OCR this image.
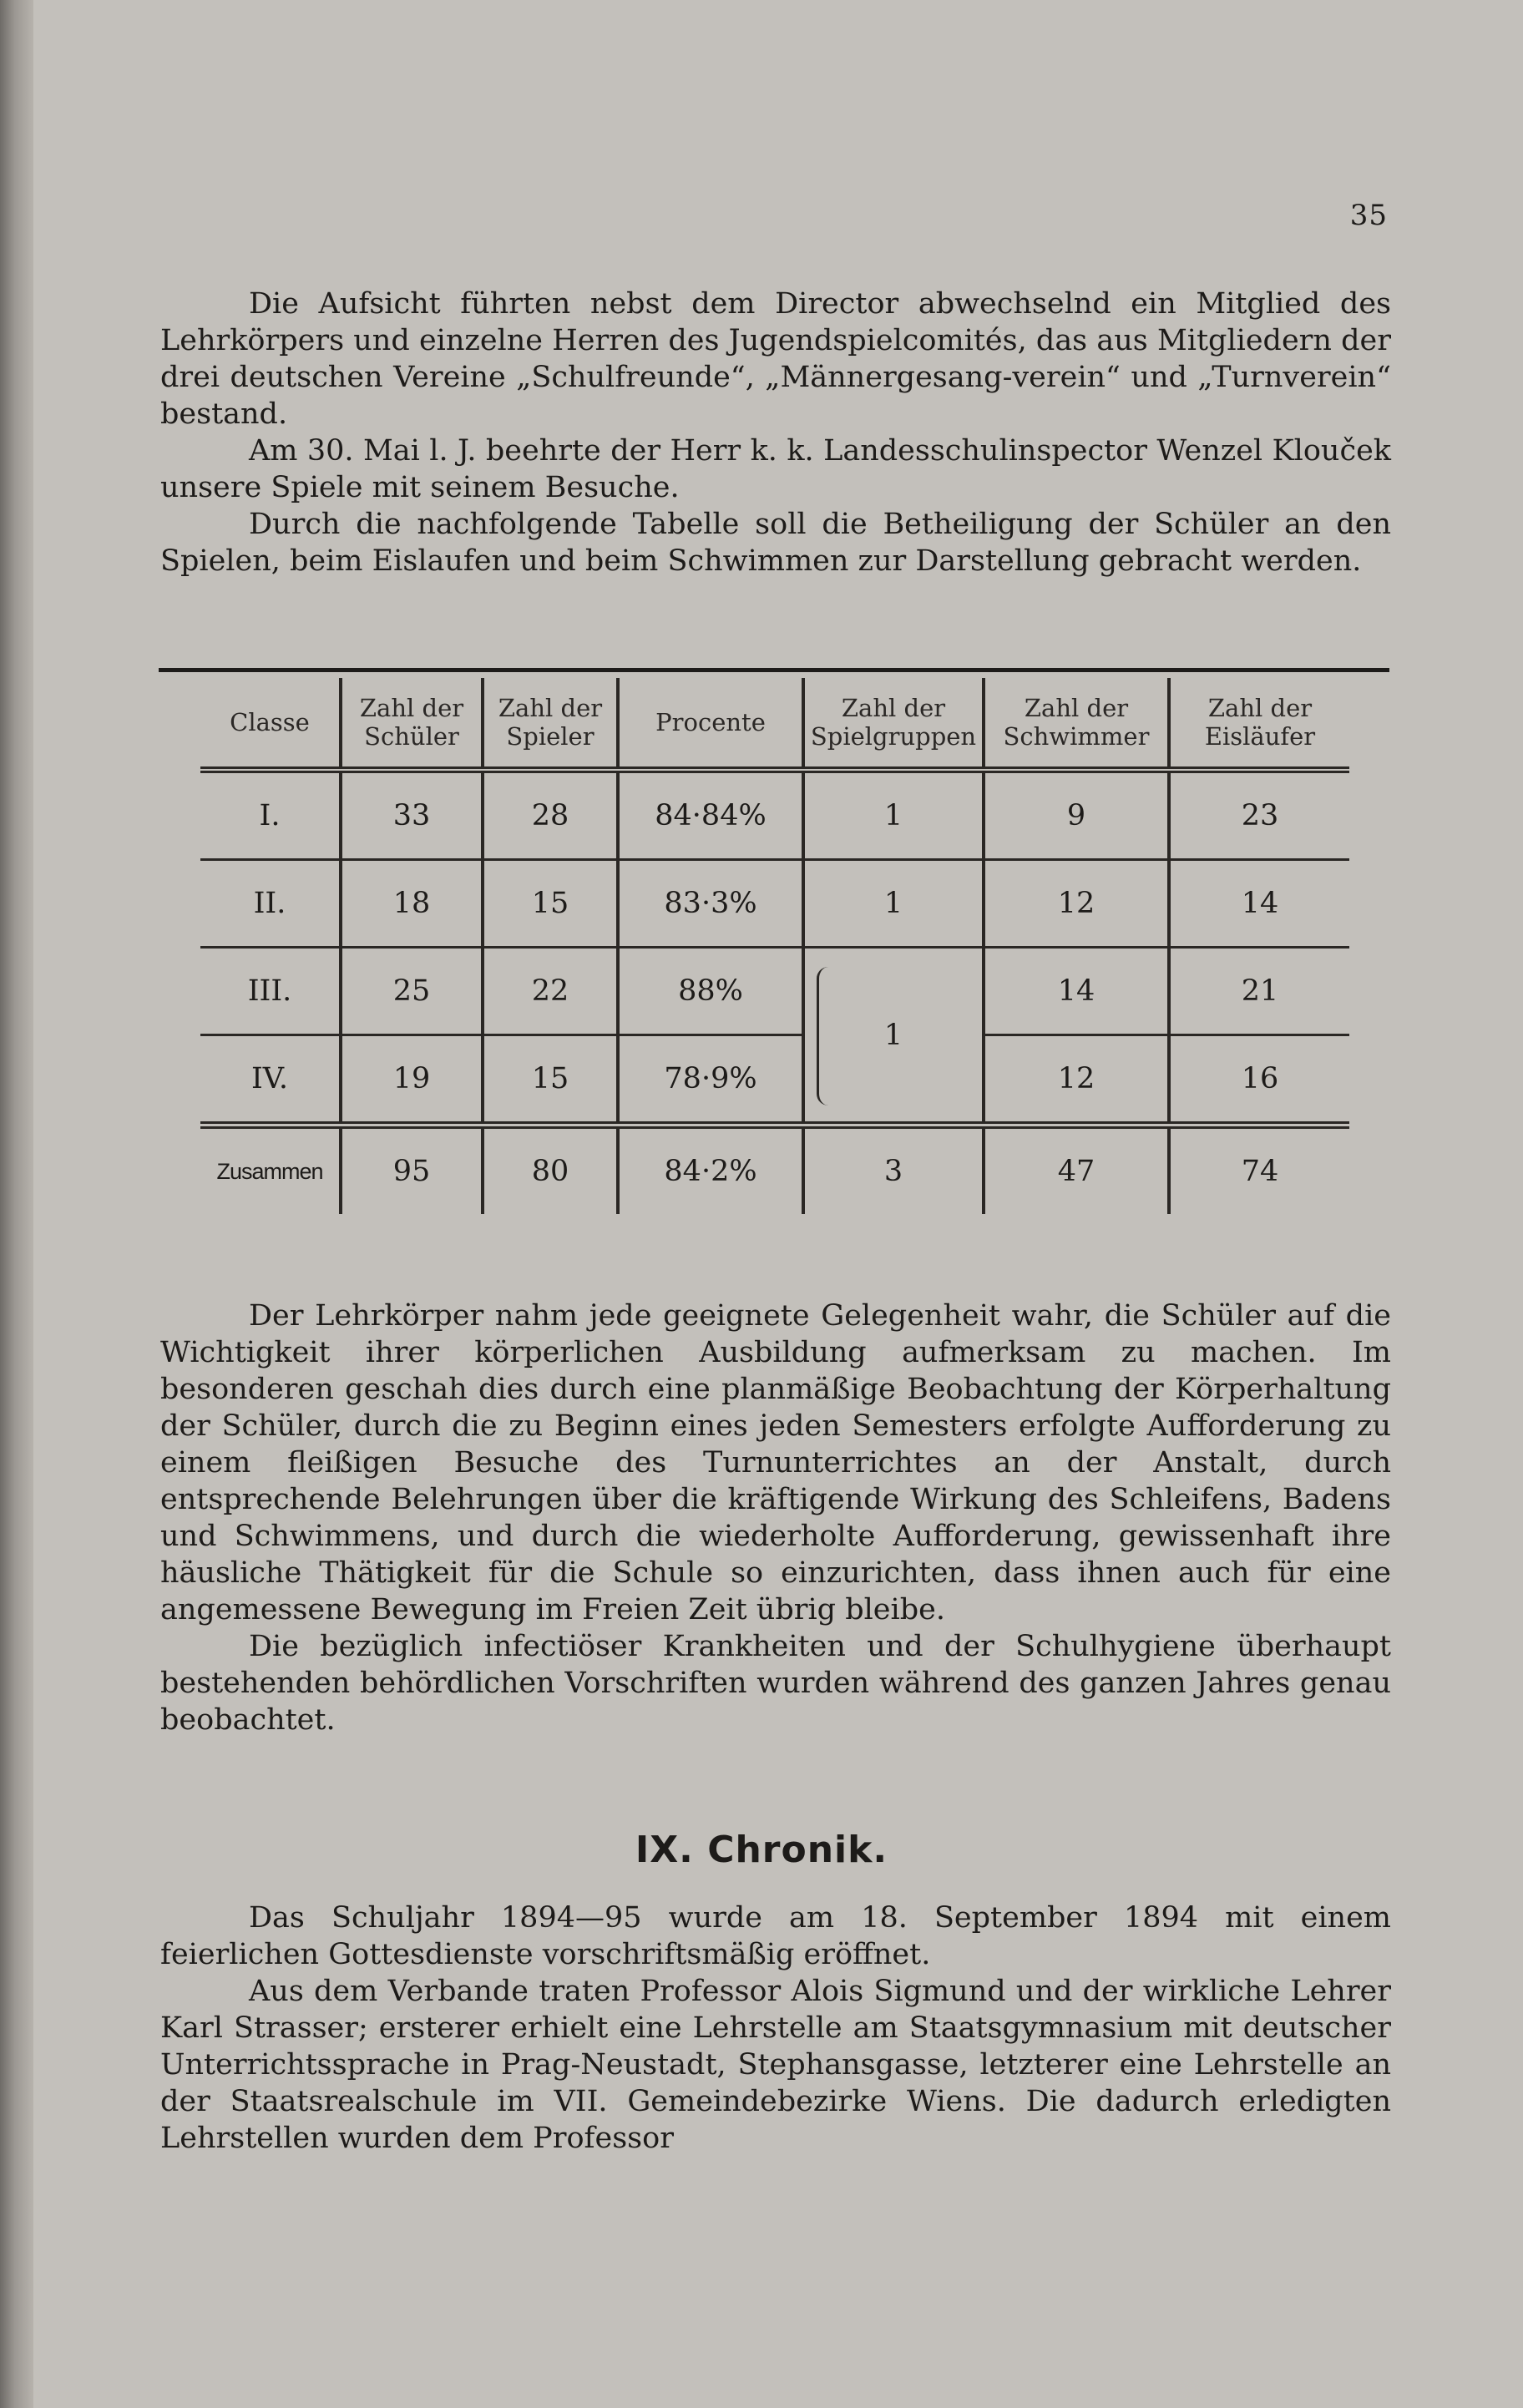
35

Die Aufsicht führten nebst dem Director abwechselnd ein Mitglied des Lehrkörpers und einzelne Herren des Jugendspielcomités, das aus Mitgliedern der drei deutschen Vereine „Schulfreunde“, „Männergesang-verein“ und „Turnverein“ bestand.

Am 30. Mai l. J. beehrte der Herr k. k. Landesschulinspector Wenzel Klouček unsere Spiele mit seinem Besuche.

Durch die nachfolgende Tabelle soll die Betheiligung der Schüler an den Spielen, beim Eislaufen und beim Schwimmen zur Darstellung gebracht werden.

Classe	Zahl der Schüler	Zahl der Spieler	Procente	Zahl der Spielgruppen	Zahl der Schwimmer	Zahl der Eisläufer
I.	33	28	84·84%	1	9	23
II.	18	15	83·3%	1	12	14
III.	25	22	88%	1	14	21
IV.	19	15	78·9%		12	16
Zusammen	95	80	84·2%	3	47	74

Der Lehrkörper nahm jede geeignete Gelegenheit wahr, die Schüler auf die Wichtigkeit ihrer körperlichen Ausbildung aufmerksam zu machen. Im besonderen geschah dies durch eine planmäßige Beobachtung der Körperhaltung der Schüler, durch die zu Beginn eines jeden Semesters erfolgte Aufforderung zu einem fleißigen Besuche des Turnunterrichtes an der Anstalt, durch entsprechende Belehrungen über die kräftigende Wirkung des Schleifens, Badens und Schwimmens, und durch die wiederholte Aufforderung, gewissenhaft ihre häusliche Thätigkeit für die Schule so einzurichten, dass ihnen auch für eine angemessene Bewegung im Freien Zeit übrig bleibe.

Die bezüglich infectiöser Krankheiten und der Schulhygiene überhaupt bestehenden behördlichen Vorschriften wurden während des ganzen Jahres genau beobachtet.

IX. Chronik.

Das Schuljahr 1894—95 wurde am 18. September 1894 mit einem feierlichen Gottesdienste vorschriftsmäßig eröffnet.

Aus dem Verbande traten Professor Alois Sigmund und der wirkliche Lehrer Karl Strasser; ersterer erhielt eine Lehrstelle am Staatsgymnasium mit deutscher Unterrichtssprache in Prag-Neustadt, Stephansgasse, letzterer eine Lehrstelle an der Staatsrealschule im VII. Gemeindebezirke Wiens. Die dadurch erledigten Lehrstellen wurden dem Professor
